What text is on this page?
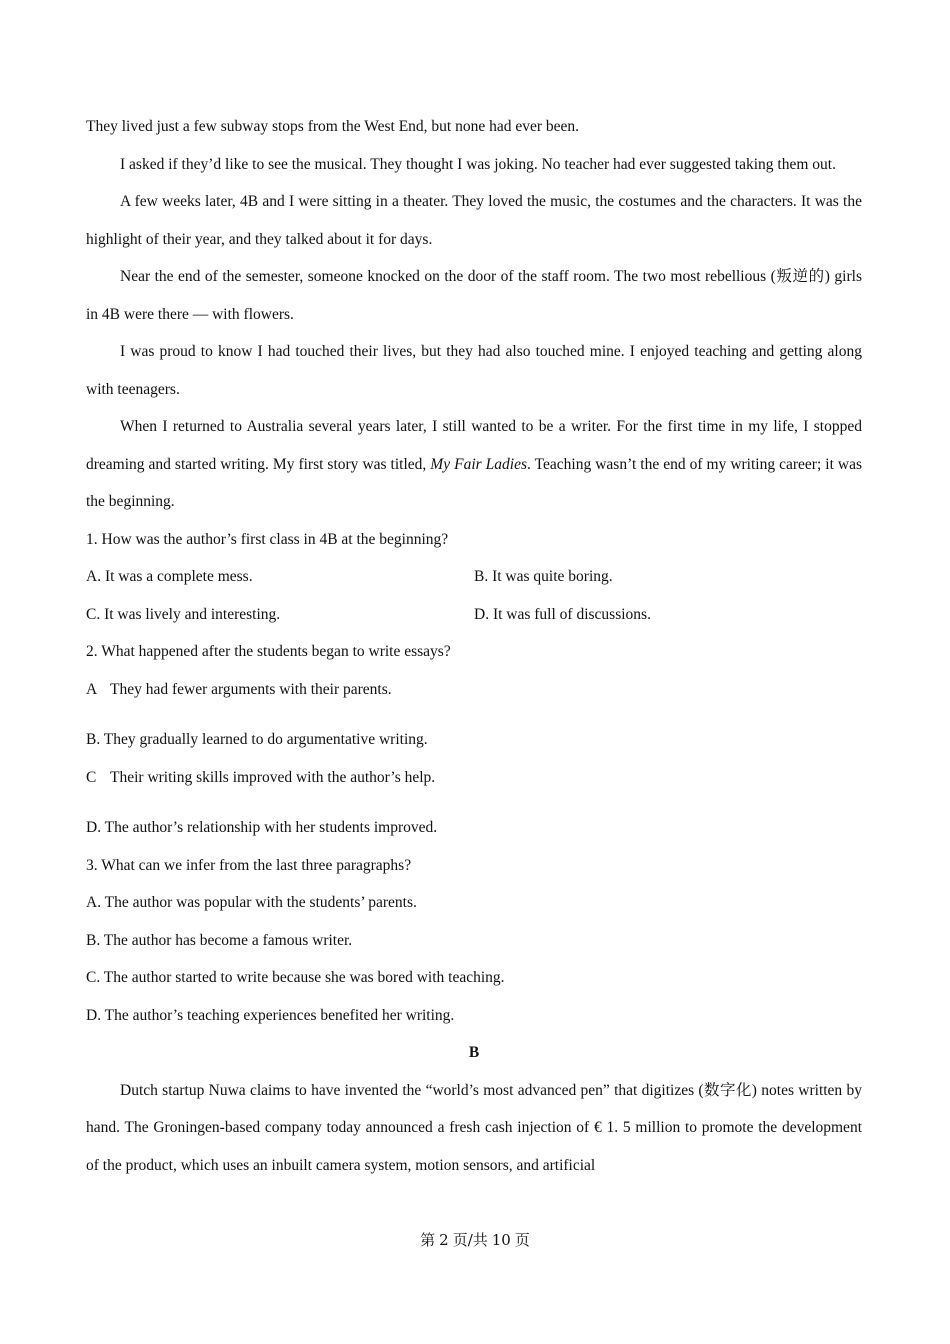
They lived just a few subway stops from the West End, but none had ever been.

I asked if they’d like to see the musical. They thought I was joking. No teacher had ever suggested taking them out.

A few weeks later, 4B and I were sitting in a theater. They loved the music, the costumes and the characters. It was the highlight of their year, and they talked about it for days.

Near the end of the semester, someone knocked on the door of the staff room. The two most rebellious (叛逆的) girls in 4B were there — with flowers.

I was proud to know I had touched their lives, but they had also touched mine. I enjoyed teaching and getting along with teenagers.

When I returned to Australia several years later, I still wanted to be a writer. For the first time in my life, I stopped dreaming and started writing. My first story was titled, My Fair Ladies. Teaching wasn’t the end of my writing career; it was the beginning.

1. How was the author’s first class in 4B at the beginning?

A. It was a complete mess.	B. It was quite boring.

C. It was lively and interesting.	D. It was full of discussions.

2. What happened after the students began to write essays?

A They had fewer arguments with their parents.

B. They gradually learned to do argumentative writing.

C Their writing skills improved with the author’s help.

D. The author’s relationship with her students improved.

3. What can we infer from the last three paragraphs?

A. The author was popular with the students’ parents.

B. The author has become a famous writer.

C. The author started to write because she was bored with teaching.

D. The author’s teaching experiences benefited her writing.

B

Dutch startup Nuwa claims to have invented the “world’s most advanced pen” that digitizes (数字化) notes written by hand. The Groningen-based company today announced a fresh cash injection of € 1. 5 million to promote the development of the product, which uses an inbuilt camera system, motion sensors, and artificial

第 2 页/共 10 页
